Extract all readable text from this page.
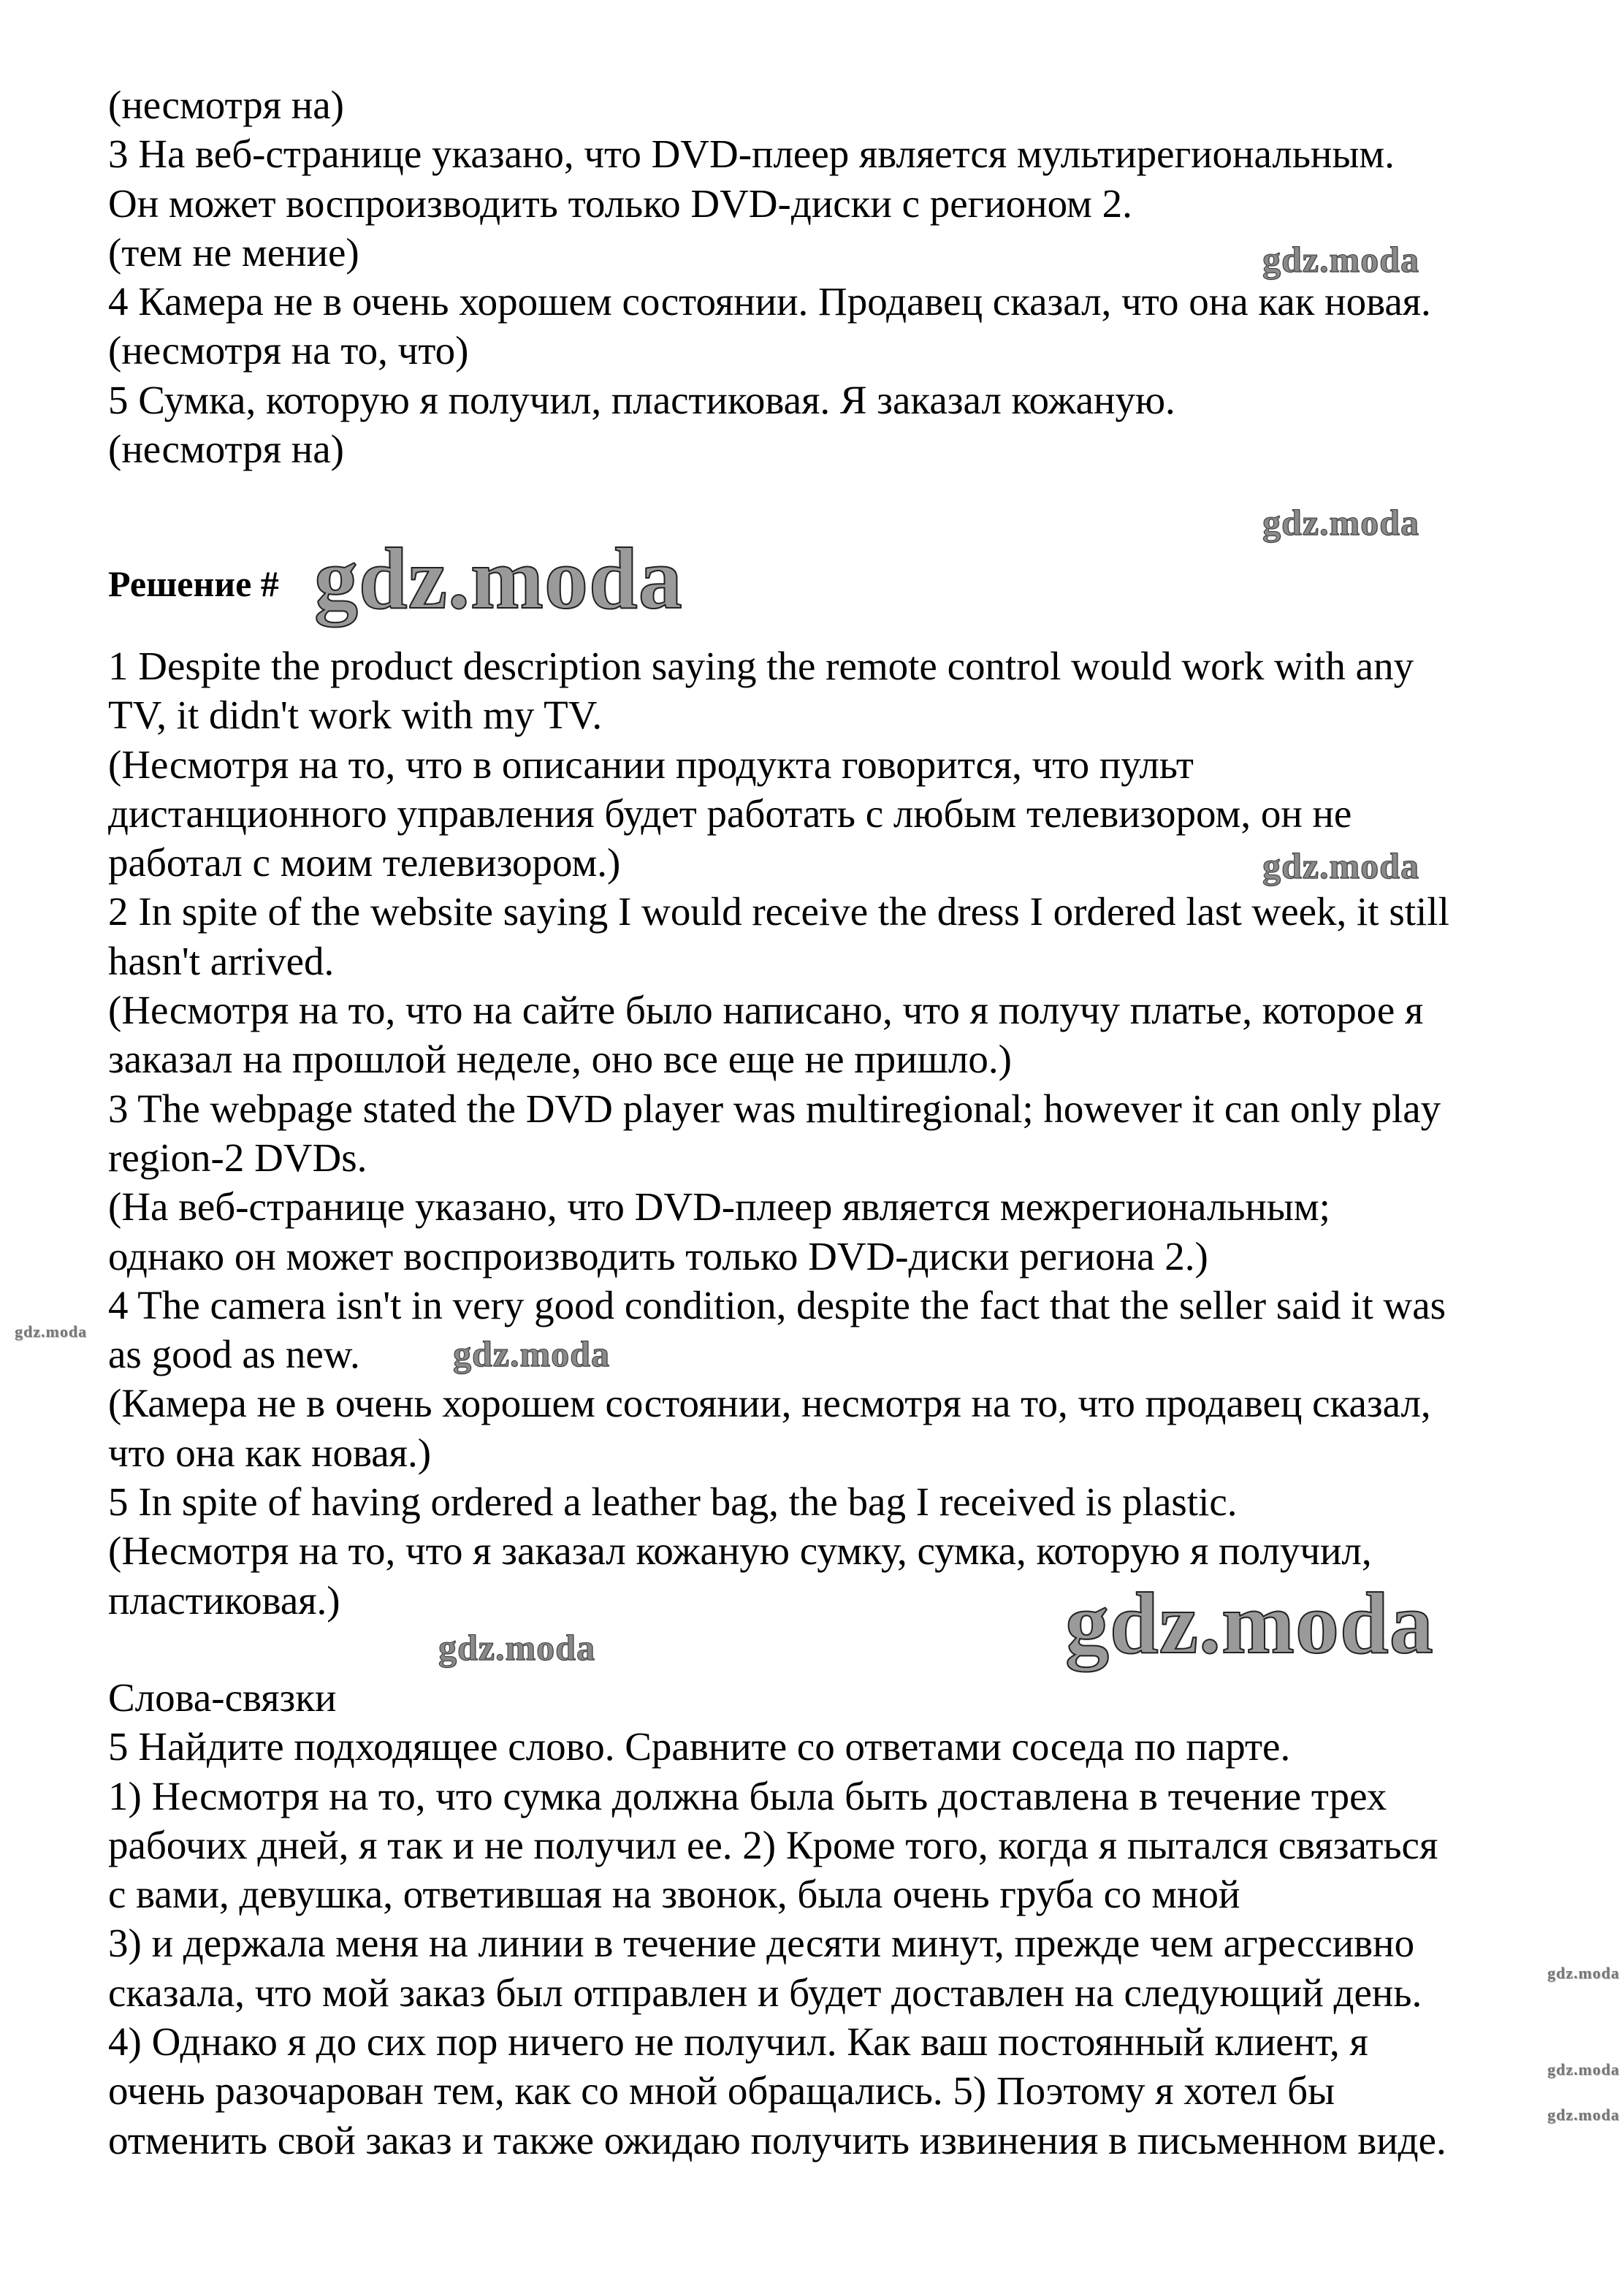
(несмотря на)
3 На веб-странице указано, что DVD-плеер является мультирегиональным.
Он может воспроизводить только DVD-диски с регионом 2.
(тем не мение)
4 Камера не в очень хорошем состоянии. Продавец сказал, что она как новая.
(несмотря на то, что)
5 Сумка, которую я получил, пластиковая. Я заказал кожаную.
(несмотря на)
Решение #
1 Despite the product description saying the remote control would work with any
TV, it didn't work with my TV.
(Несмотря на то, что в описании продукта говорится, что пульт
дистанционного управления будет работать с любым телевизором, он не
работал с моим телевизором.)
2 In spite of the website saying I would receive the dress I ordered last week, it still
hasn't arrived.
(Несмотря на то, что на сайте было написано, что я получу платье, которое я
заказал на прошлой неделе, оно все еще не пришло.)
3 The webpage stated the DVD player was multiregional; however it can only play
region-2 DVDs.
(На веб-странице указано, что DVD-плеер является межрегиональным;
однако он может воспроизводить только DVD-диски региона 2.)
4 The camera isn't in very good condition, despite the fact that the seller said it was
as good as new.
(Камера не в очень хорошем состоянии, несмотря на то, что продавец сказал,
что она как новая.)
5 In spite of having ordered a leather bag, the bag I received is plastic.
(Несмотря на то, что я заказал кожаную сумку, сумка, которую я получил,
пластиковая.)
Слова-связки
5 Найдите подходящее слово. Сравните со ответами соседа по парте.
1) Несмотря на то, что сумка должна была быть доставлена в течение трех
рабочих дней, я так и не получил ее. 2) Кроме того, когда я пытался связаться
с вами, девушка, ответившая на звонок, была очень груба со мной
3) и держала меня на линии в течение десяти минут, прежде чем агрессивно
сказала, что мой заказ был отправлен и будет доставлен на следующий день.
4) Однако я до сих пор ничего не получил. Как ваш постоянный клиент, я
очень разочарован тем, как со мной обращались. 5) Поэтому я хотел бы
отменить свой заказ и также ожидаю получить извинения в письменном виде.
gdz.moda
gdz.moda
gdz.moda
gdz.moda
gdz.moda
gdz.moda
gdz.moda
gdz.moda
gdz.moda
gdz.moda
gdz.moda
